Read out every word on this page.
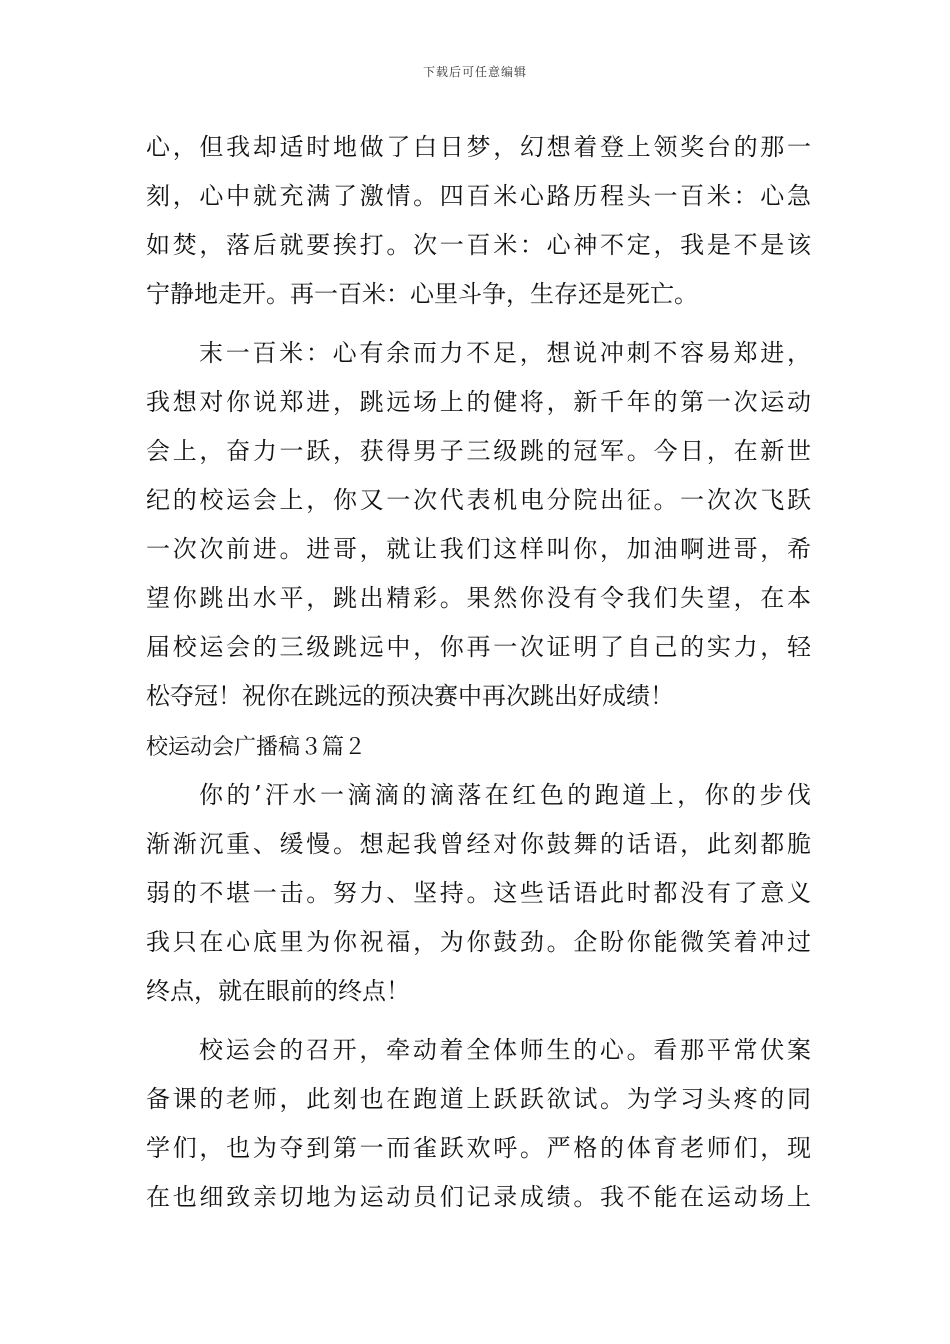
下载后可任意编辑
心，但我却适时地做了白日梦，幻想着登上领奖台的那一
刻，心中就充满了激情。四百米心路历程头一百米：心急
如焚，落后就要挨打。次一百米：心神不定，我是不是该
宁静地走开。再一百米：心里斗争，生存还是死亡。
末一百米：心有余而力不足，想说冲刺不容易郑进，
我想对你说郑进，跳远场上的健将，新千年的第一次运动
会上，奋力一跃，获得男子三级跳的冠军。今日，在新世
纪的校运会上，你又一次代表机电分院出征。一次次飞跃
一次次前进。进哥，就让我们这样叫你，加油啊进哥，希
望你跳出水平，跳出精彩。果然你没有令我们失望，在本
届校运会的三级跳远中，你再一次证明了自己的实力，轻
松夺冠！祝你在跳远的预决赛中再次跳出好成绩！
校运动会广播稿３篇２
你的’汗水一滴滴的滴落在红色的跑道上，你的步伐
渐渐沉重、缓慢。想起我曾经对你鼓舞的话语，此刻都脆
弱的不堪一击。努力、坚持。这些话语此时都没有了意义
我只在心底里为你祝福，为你鼓劲。企盼你能微笑着冲过
终点，就在眼前的终点！
校运会的召开，牵动着全体师生的心。看那平常伏案
备课的老师，此刻也在跑道上跃跃欲试。为学习头疼的同
学们，也为夺到第一而雀跃欢呼。严格的体育老师们，现
在也细致亲切地为运动员们记录成绩。我不能在运动场上
